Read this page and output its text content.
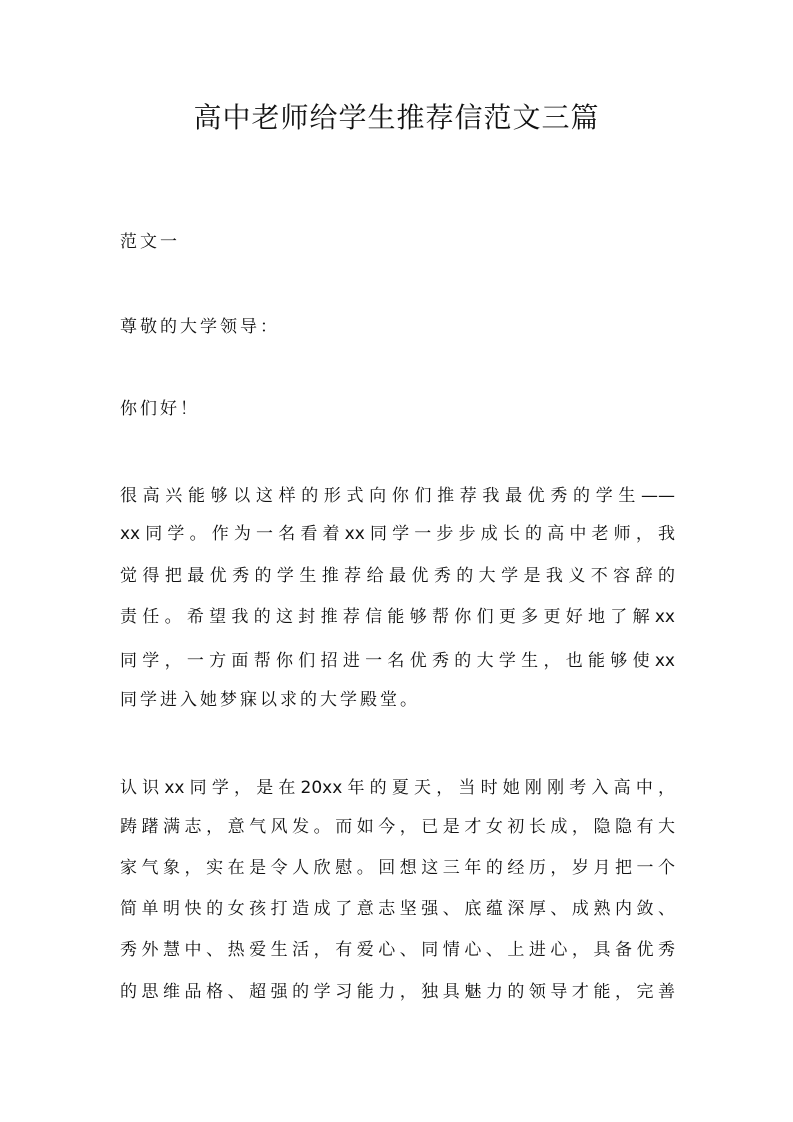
高中老师给学生推荐信范文三篇

范文一

尊敬的大学领导：

你们好！

很高兴能够以这样的形式向你们推荐我最优秀的学生——

xx同学。作为一名看着xx同学一步步成长的高中老师，我

觉得把最优秀的学生推荐给最优秀的大学是我义不容辞的

责任。希望我的这封推荐信能够帮你们更多更好地了解xx

同学，一方面帮你们招进一名优秀的大学生，也能够使xx

同学进入她梦寐以求的大学殿堂。

认识xx同学，是在20xx年的夏天，当时她刚刚考入高中，

踌躇满志，意气风发。而如今，已是才女初长成，隐隐有大

家气象，实在是令人欣慰。回想这三年的经历，岁月把一个

简单明快的女孩打造成了意志坚强、底蕴深厚、成熟内敛、

秀外慧中、热爱生活，有爱心、同情心、上进心，具备优秀

的思维品格、超强的学习能力，独具魅力的领导才能，完善
